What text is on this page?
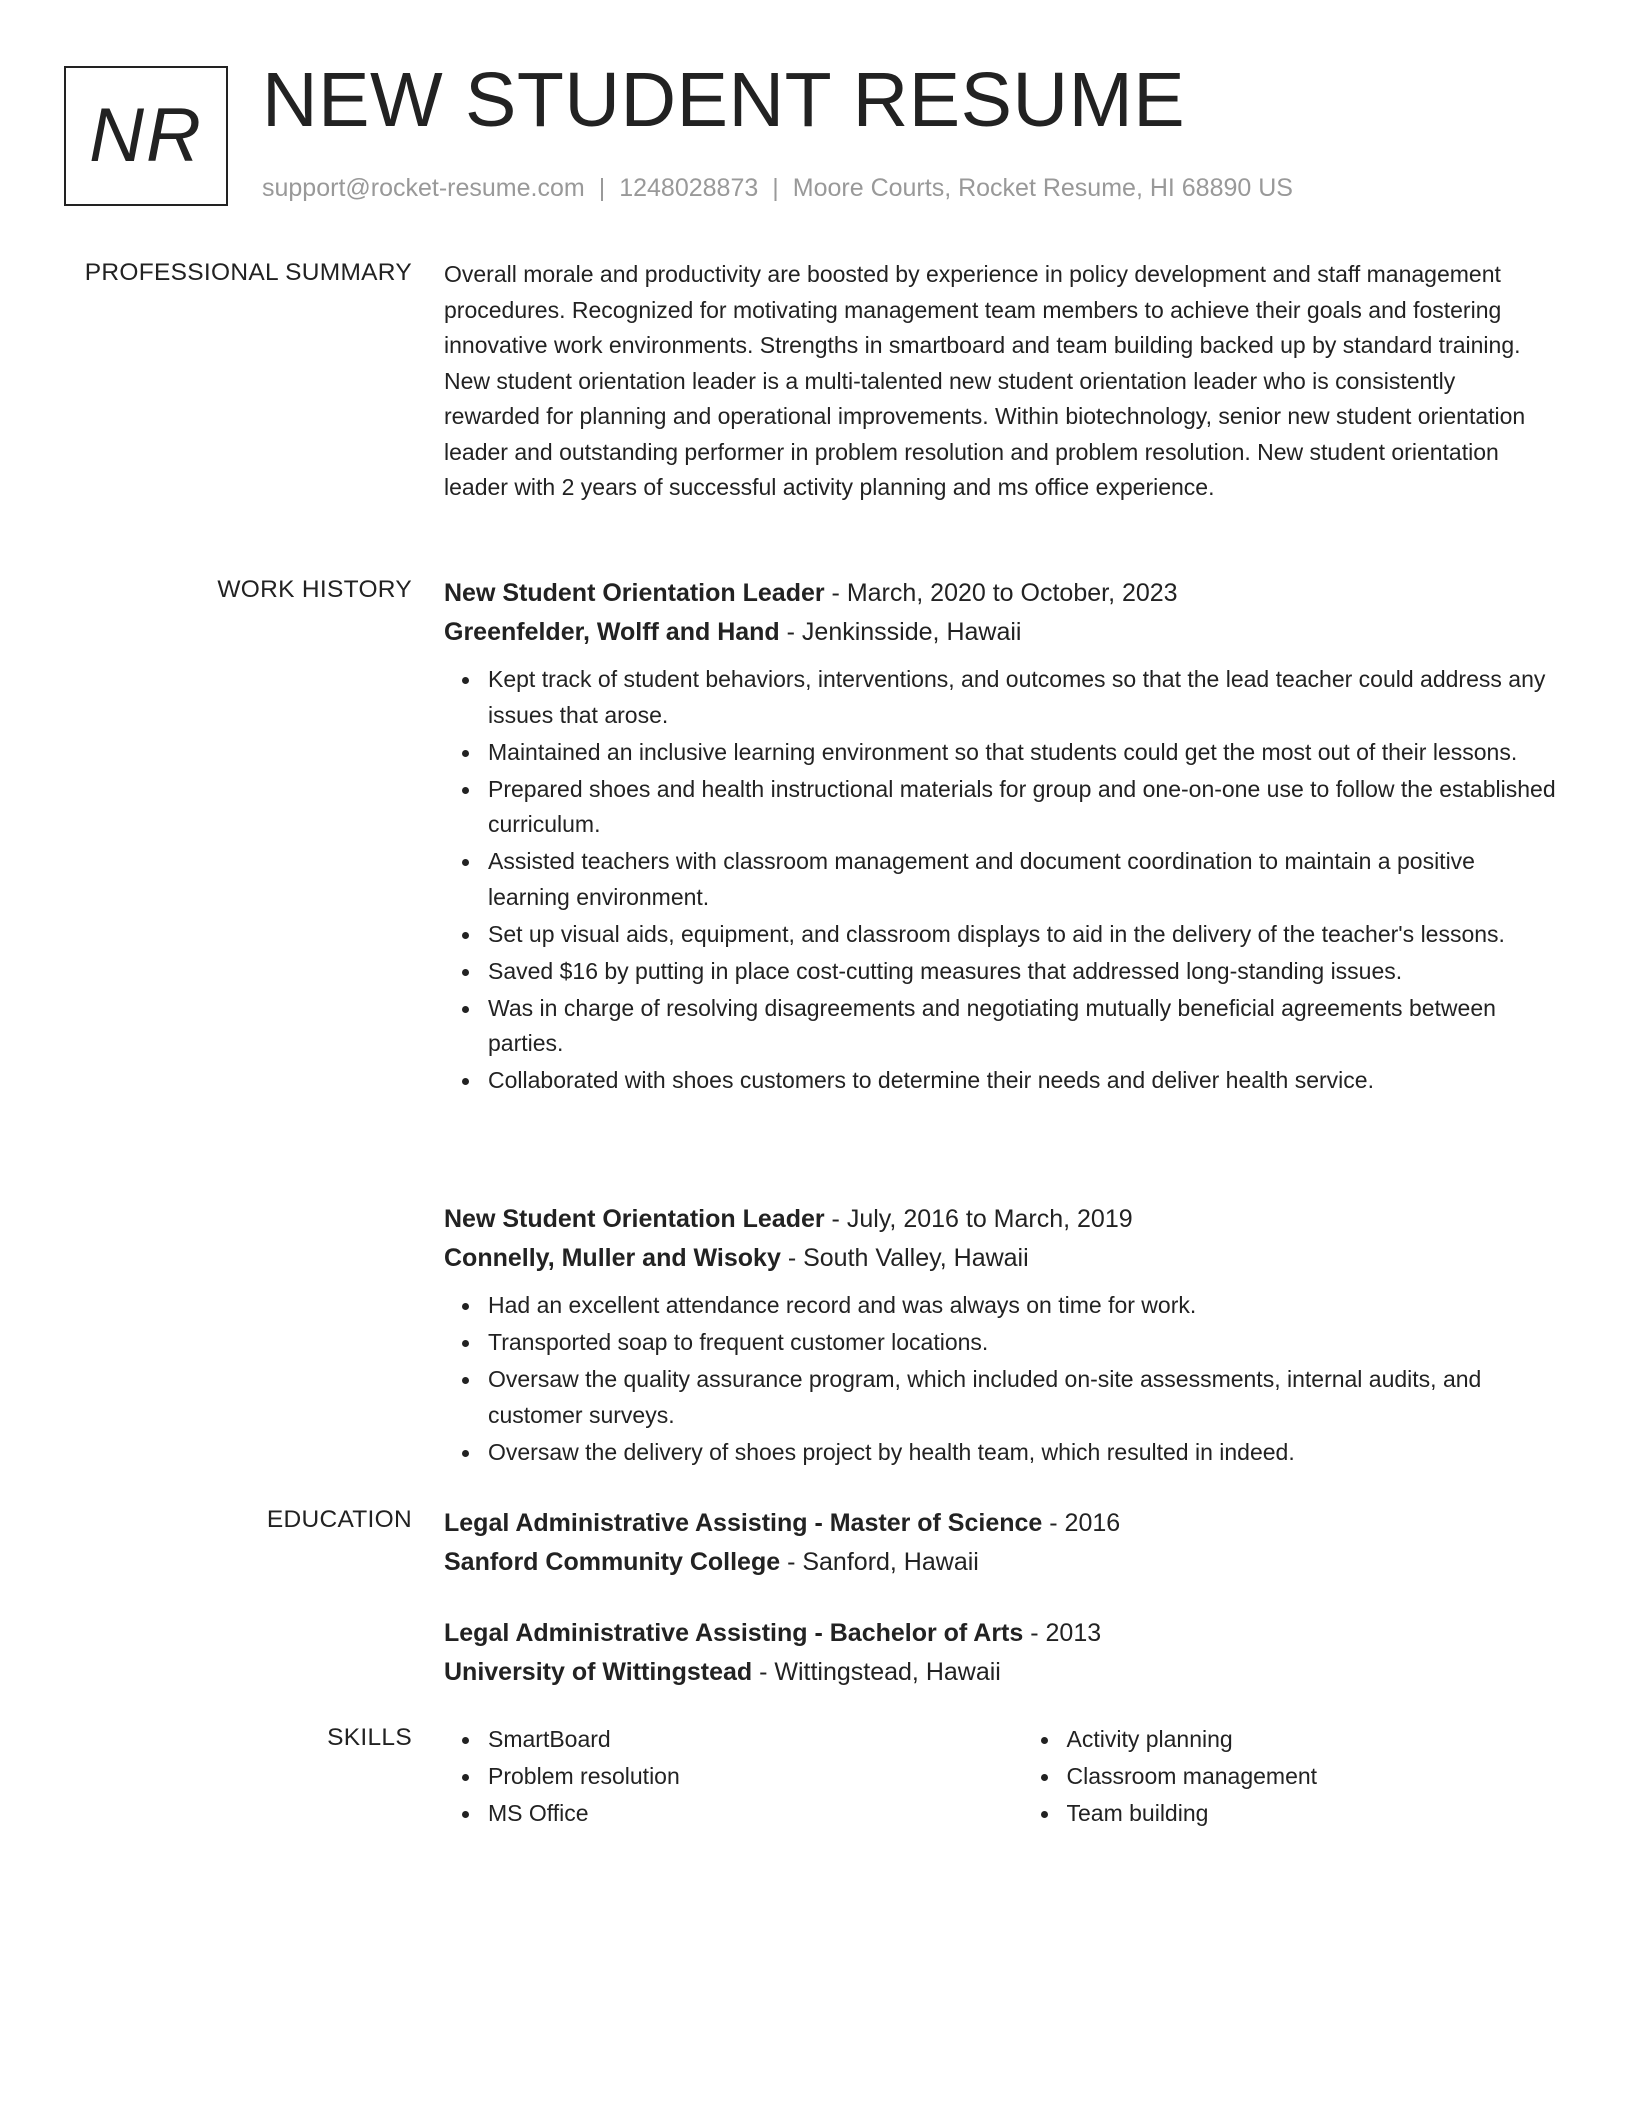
NR NEW STUDENT RESUME
support@rocket-resume.com | 1248028873 | Moore Courts, Rocket Resume, HI 68890 US
PROFESSIONAL SUMMARY Overall morale and productivity are boosted by experience in policy development and staff management procedures. Recognized for motivating management team members to achieve their goals and fostering innovative work environments. Strengths in smartboard and team building backed up by standard training. New student orientation leader is a multi-talented new student orientation leader who is consistently rewarded for planning and operational improvements. Within biotechnology, senior new student orientation leader and outstanding performer in problem resolution and problem resolution. New student orientation leader with 2 years of successful activity planning and ms office experience.

WORK HISTORY New Student Orientation Leader - March, 2020 to October, 2023
Greenfelder, Wolff and Hand - Jenkinsside, Hawaii
Kept track of student behaviors, interventions, and outcomes so that the lead teacher could address any issues that arose.
Maintained an inclusive learning environment so that students could get the most out of their lessons.
Prepared shoes and health instructional materials for group and one-on-one use to follow the established curriculum.
Assisted teachers with classroom management and document coordination to maintain a positive learning environment.
Set up visual aids, equipment, and classroom displays to aid in the delivery of the teacher's lessons.
Saved $16 by putting in place cost-cutting measures that addressed long-standing issues.
Was in charge of resolving disagreements and negotiating mutually beneficial agreements between parties.
Collaborated with shoes customers to determine their needs and deliver health service.
New Student Orientation Leader - July, 2016 to March, 2019
Connelly, Muller and Wisoky - South Valley, Hawaii
Had an excellent attendance record and was always on time for work.
Transported soap to frequent customer locations.
Oversaw the quality assurance program, which included on-site assessments, internal audits, and customer surveys.
Oversaw the delivery of shoes project by health team, which resulted in indeed.
EDUCATION Legal Administrative Assisting - Master of Science - 2016
Sanford Community College - Sanford, Hawaii
Legal Administrative Assisting - Bachelor of Arts - 2013
University of Wittingstead - Wittingstead, Hawaii
SKILLS	SmartBoard
Problem resolution
MS Office
Activity planning
Classroom management
Team building
